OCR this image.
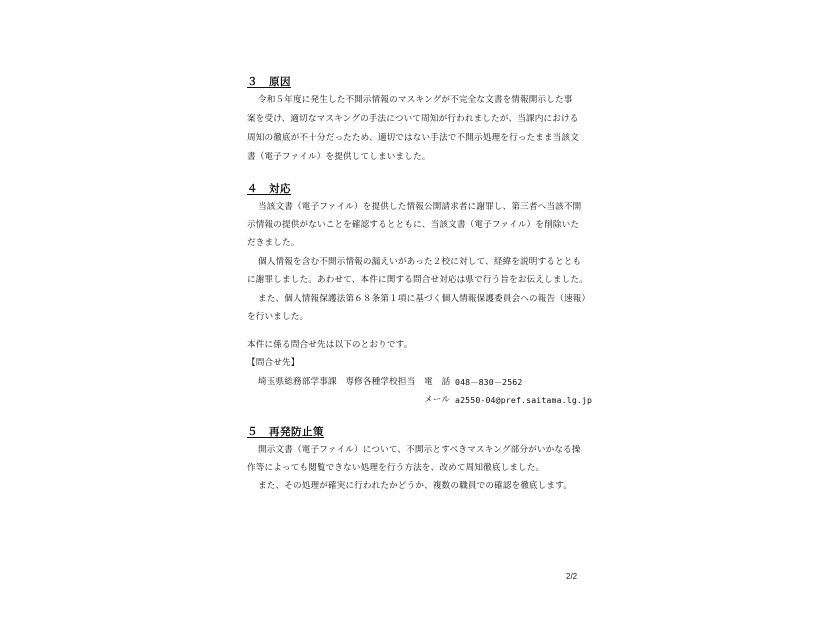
３　原因
令和５年度に発生した不開示情報のマスキングが不完全な文書を情報開示した事
案を受け、適切なマスキングの手法について周知が行われましたが、当課内における
周知の徹底が不十分だったため、適切ではない手法で不開示処理を行ったまま当該文
書（電子ファイル）を提供してしまいました。
４　対応
当該文書（電子ファイル）を提供した情報公開請求者に謝罪し、第三者へ当該不開
示情報の提供がないことを確認するとともに、当該文書（電子ファイル）を削除いた
だきました。
個人情報を含む不開示情報の漏えいがあった２校に対して、経緯を説明するととも
に謝罪しました。あわせて、本件に関する問合せ対応は県で行う旨をお伝えしました。
また、個人情報保護法第６８条第１項に基づく個人情報保護委員会への報告（速報）
を行いました。
本件に係る問合せ先は以下のとおりです。
【問合せ先】
埼玉県総務部学事課　専修各種学校担当　電　話 048－830－2562
メール a2550-04@pref.saitama.lg.jp
５　再発防止策
開示文書（電子ファイル）について、不開示とすべきマスキング部分がいかなる操
作等によっても閲覧できない処理を行う方法を、改めて周知徹底しました。
また、その処理が確実に行われたかどうか、複数の職員での確認を徹底します。
2/2
